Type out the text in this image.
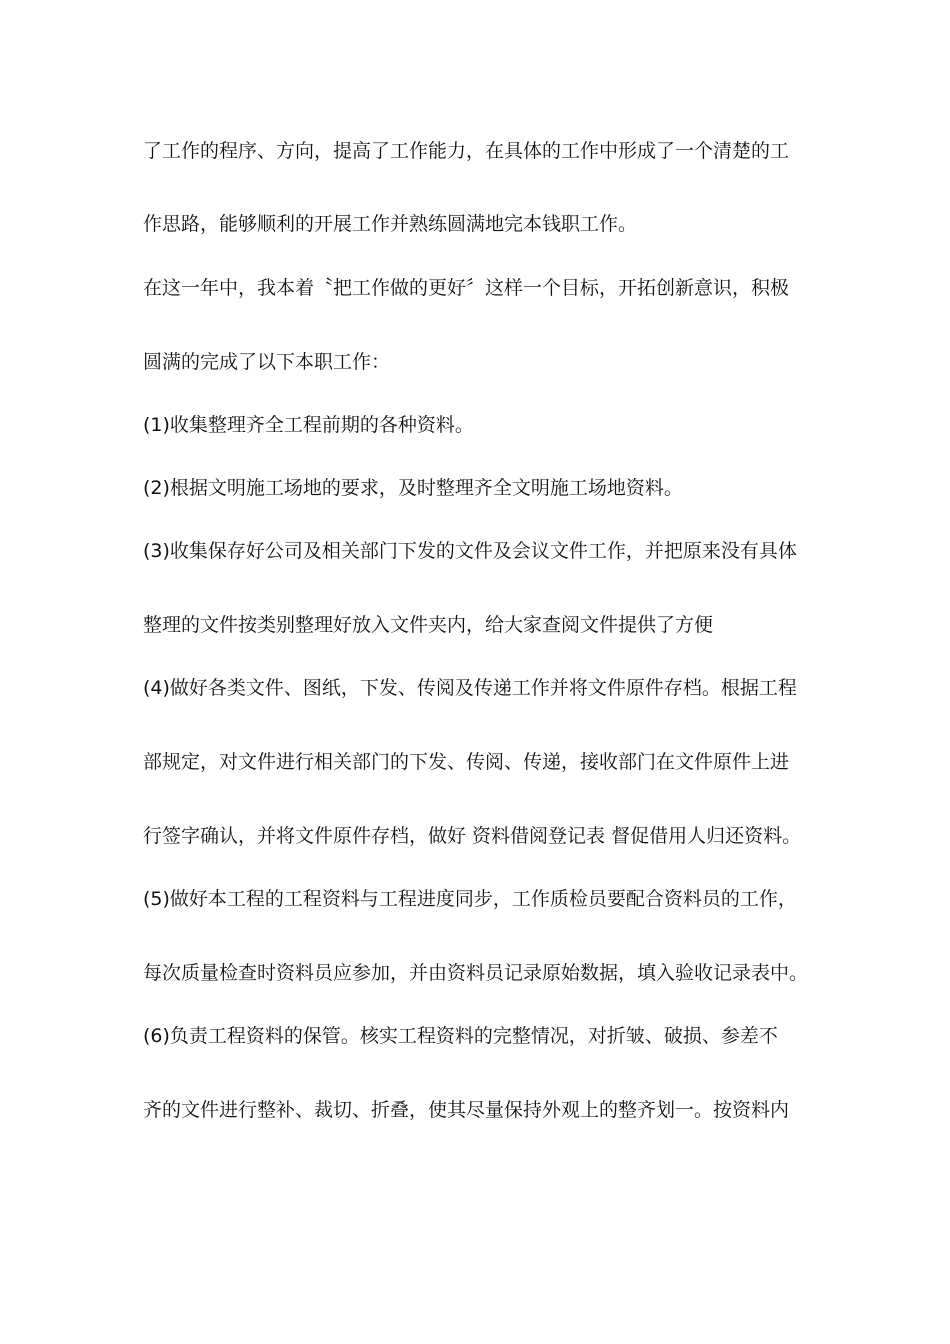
了工作的程序、方向，提高了工作能力，在具体的工作中形成了一个清楚的工
作思路，能够顺利的开展工作并熟练圆满地完本钱职工作。
在这一年中，我本着〝把工作做的更好〞这样一个目标，开拓创新意识，积极
圆满的完成了以下本职工作：
(1)收集整理齐全工程前期的各种资料。
(2)根据文明施工场地的要求，及时整理齐全文明施工场地资料。
(3)收集保存好公司及相关部门下发的文件及会议文件工作，并把原来没有具体
整理的文件按类别整理好放入文件夹内，给大家查阅文件提供了方便
(4)做好各类文件、图纸，下发、传阅及传递工作并将文件原件存档。根据工程
部规定，对文件进行相关部门的下发、传阅、传递，接收部门在文件原件上进
行签字确认，并将文件原件存档，做好 资料借阅登记表 督促借用人归还资料。
(5)做好本工程的工程资料与工程进度同步，工作质检员要配合资料员的工作，
每次质量检查时资料员应参加，并由资料员记录原始数据，填入验收记录表中。
(6)负责工程资料的保管。核实工程资料的完整情况，对折皱、破损、参差不
齐的文件进行整补、裁切、折叠，使其尽量保持外观上的整齐划一。按资料内
